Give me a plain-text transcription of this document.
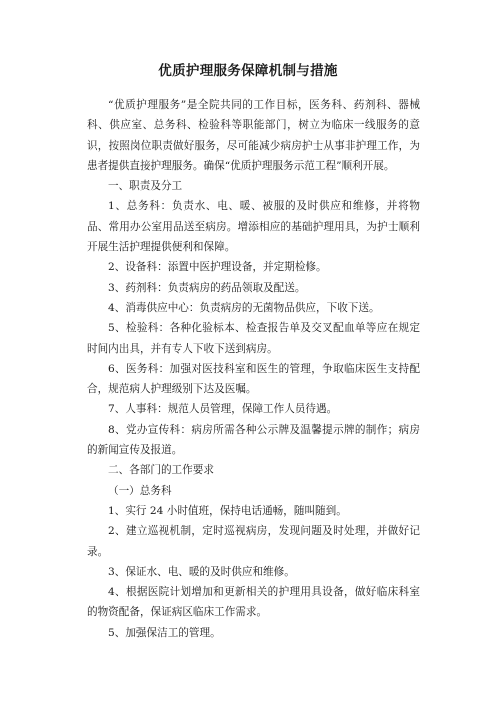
优质护理服务保障机制与措施

“优质护理服务”是全院共同的工作目标，医务科、药剂科、器械科、供应室、总务科、检验科等职能部门，树立为临床一线服务的意识，按照岗位职责做好服务，尽可能减少病房护士从事非护理工作，为患者提供直接护理服务。确保“优质护理服务示范工程”顺利开展。

一、职责及分工

1、总务科：负责水、电、暖、被服的及时供应和维修，并将物品、常用办公室用品送至病房。增添相应的基础护理用具，为护士顺利开展生活护理提供便利和保障。

2、设备科：添置中医护理设备，并定期检修。

3、药剂科：负责病房的药品领取及配送。

4、消毒供应中心：负责病房的无菌物品供应，下收下送。

5、检验科：各种化验标本、检查报告单及交叉配血单等应在规定时间内出具，并有专人下收下送到病房。

6、医务科：加强对医技科室和医生的管理，争取临床医生支持配合，规范病人护理级别下达及医嘱。

7、人事科：规范人员管理，保障工作人员待遇。

8、党办宣传科：病房所需各种公示牌及温馨提示牌的制作；病房的新闻宣传及报道。

二、各部门的工作要求

（一）总务科

1、实行 24 小时值班，保持电话通畅，随叫随到。

2、建立巡视机制，定时巡视病房，发现问题及时处理，并做好记录。

3、保证水、电、暖的及时供应和维修。

4、根据医院计划增加和更新相关的护理用具设备，做好临床科室的物资配备，保证病区临床工作需求。

5、加强保洁工的管理。
